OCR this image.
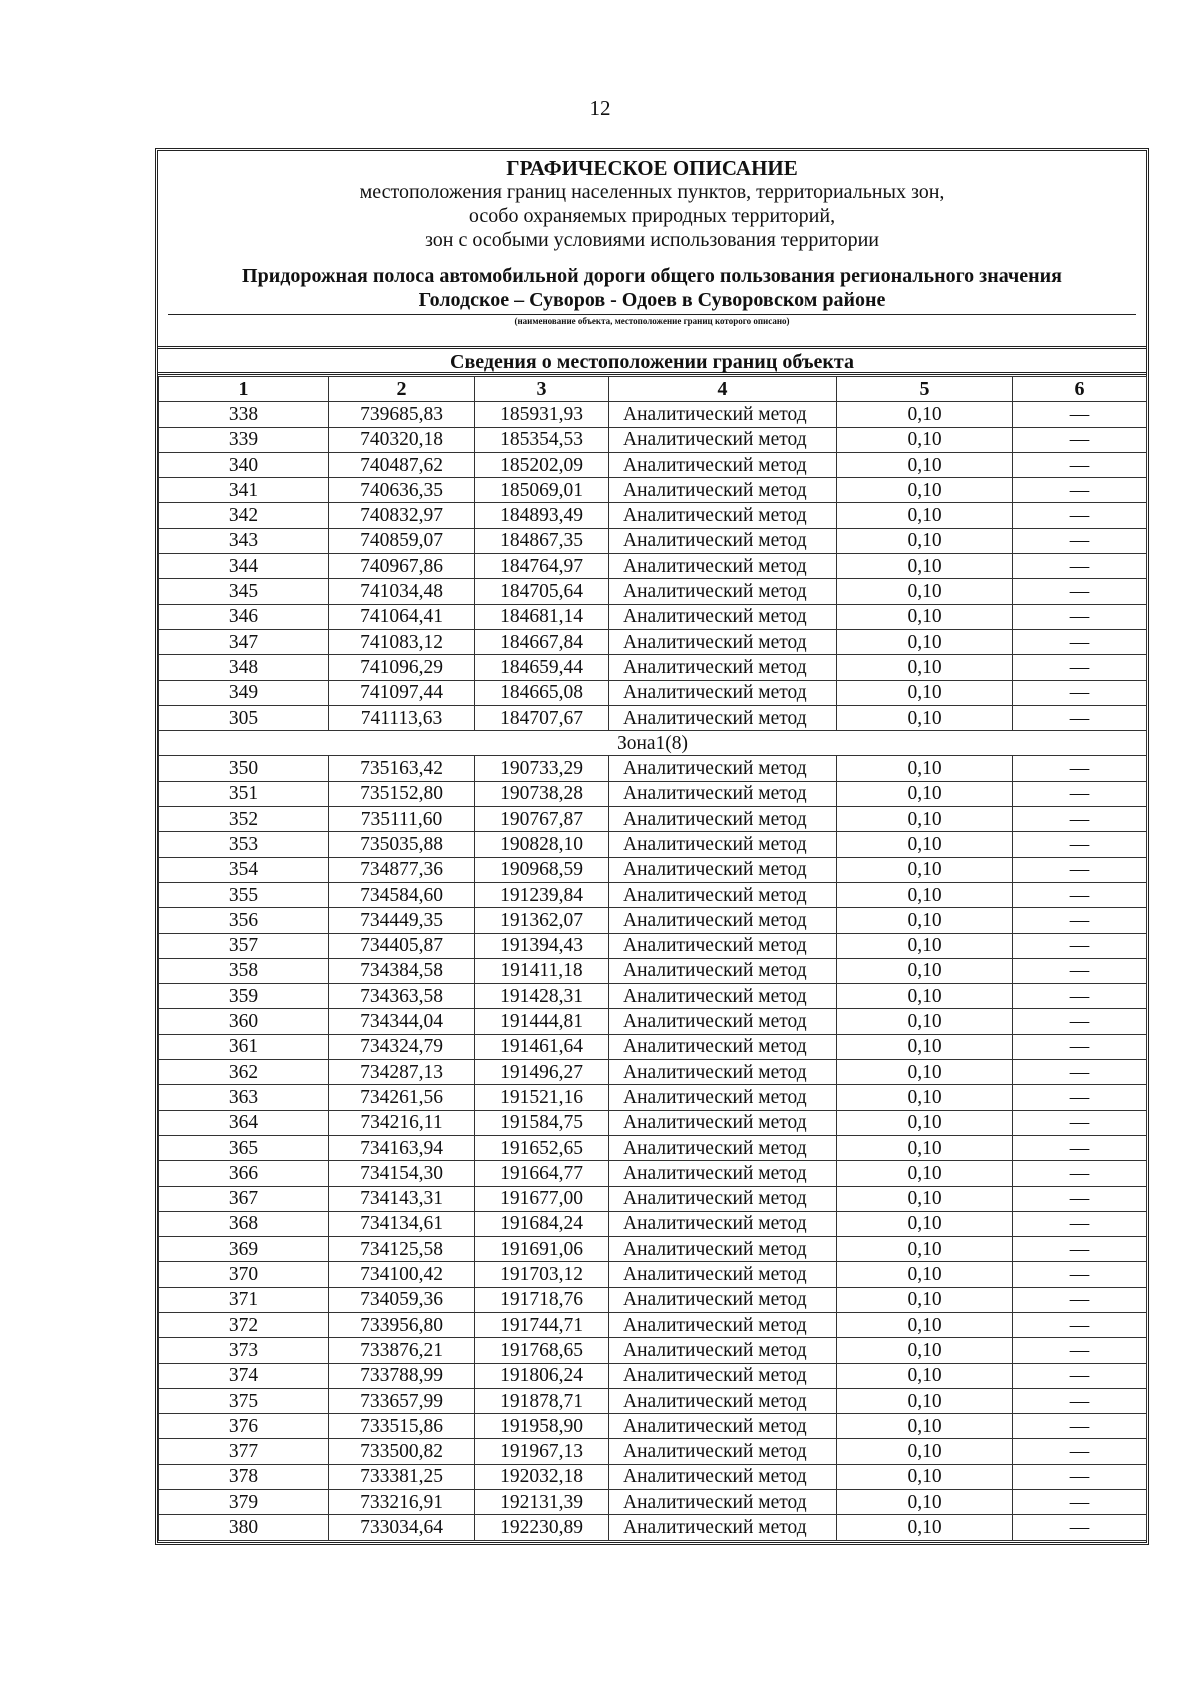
12
ГРАФИЧЕСКОЕ ОПИСАНИЕ
местоположения границ населенных пунктов, территориальных зон,
особо охраняемых природных территорий,
зон с особыми условиями использования территории
Придорожная полоса автомобильной дороги общего пользования регионального значения
Голодское – Суворов - Одоев в Суворовском районе
(наименование объекта, местоположение границ которого описано)
Сведения о местоположении границ объекта
1	2	3	4	5	6
338	739685,83	185931,93	Аналитический метод	0,10	—
339	740320,18	185354,53	Аналитический метод	0,10	—
340	740487,62	185202,09	Аналитический метод	0,10	—
341	740636,35	185069,01	Аналитический метод	0,10	—
342	740832,97	184893,49	Аналитический метод	0,10	—
343	740859,07	184867,35	Аналитический метод	0,10	—
344	740967,86	184764,97	Аналитический метод	0,10	—
345	741034,48	184705,64	Аналитический метод	0,10	—
346	741064,41	184681,14	Аналитический метод	0,10	—
347	741083,12	184667,84	Аналитический метод	0,10	—
348	741096,29	184659,44	Аналитический метод	0,10	—
349	741097,44	184665,08	Аналитический метод	0,10	—
305	741113,63	184707,67	Аналитический метод	0,10	—
Зона1(8)					
350	735163,42	190733,29	Аналитический метод	0,10	—
351	735152,80	190738,28	Аналитический метод	0,10	—
352	735111,60	190767,87	Аналитический метод	0,10	—
353	735035,88	190828,10	Аналитический метод	0,10	—
354	734877,36	190968,59	Аналитический метод	0,10	—
355	734584,60	191239,84	Аналитический метод	0,10	—
356	734449,35	191362,07	Аналитический метод	0,10	—
357	734405,87	191394,43	Аналитический метод	0,10	—
358	734384,58	191411,18	Аналитический метод	0,10	—
359	734363,58	191428,31	Аналитический метод	0,10	—
360	734344,04	191444,81	Аналитический метод	0,10	—
361	734324,79	191461,64	Аналитический метод	0,10	—
362	734287,13	191496,27	Аналитический метод	0,10	—
363	734261,56	191521,16	Аналитический метод	0,10	—
364	734216,11	191584,75	Аналитический метод	0,10	—
365	734163,94	191652,65	Аналитический метод	0,10	—
366	734154,30	191664,77	Аналитический метод	0,10	—
367	734143,31	191677,00	Аналитический метод	0,10	—
368	734134,61	191684,24	Аналитический метод	0,10	—
369	734125,58	191691,06	Аналитический метод	0,10	—
370	734100,42	191703,12	Аналитический метод	0,10	—
371	734059,36	191718,76	Аналитический метод	0,10	—
372	733956,80	191744,71	Аналитический метод	0,10	—
373	733876,21	191768,65	Аналитический метод	0,10	—
374	733788,99	191806,24	Аналитический метод	0,10	—
375	733657,99	191878,71	Аналитический метод	0,10	—
376	733515,86	191958,90	Аналитический метод	0,10	—
377	733500,82	191967,13	Аналитический метод	0,10	—
378	733381,25	192032,18	Аналитический метод	0,10	—
379	733216,91	192131,39	Аналитический метод	0,10	—
380	733034,64	192230,89	Аналитический метод	0,10	—
